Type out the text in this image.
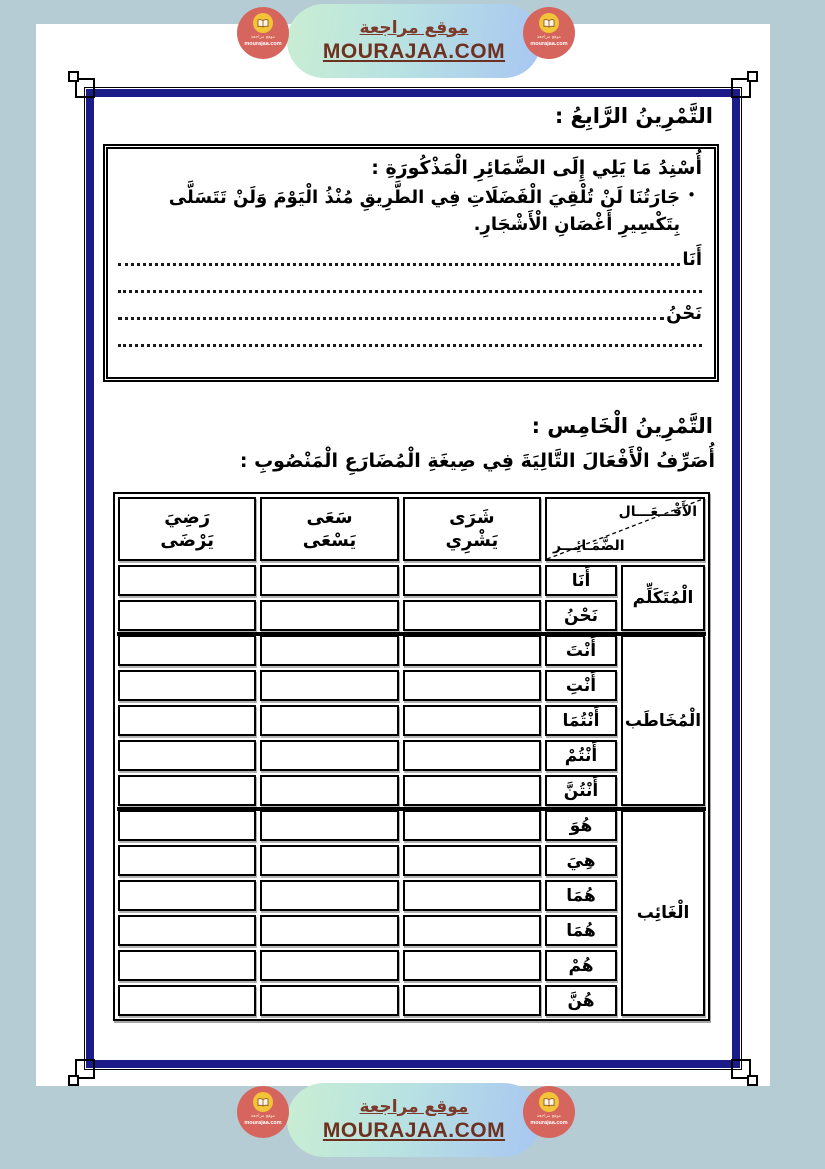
موقع مراجعة
MOURAJAA.COM
موقع مراجعة
mourajaa.com
موقع مراجعة
mourajaa.com
التَّمْرِينُ الرَّابِعُ :
أُسْنِدُ مَا يَلِي إِلَى الضَّمَائِرِ الْمَذْكُورَةِ :
•
جَارَتُنَا لَنْ تُلْقِيَ الْفَضَلَاتِ فِي الطَّرِيقِ مُنْذُ الْيَوْمَ وَلَنْ تَتَسَلَّى بِتَكْسِيرِ أَغْصَانِ الْأَشْجَارِ.
أَنَا
نَحْنُ
التَّمْرِينُ الْخَامِس :
أُصَرِّفُ الْأَفْعَالَ التَّالِيَةَ فِي صِيغَةِ الْمُضَارَعِ الْمَنْصُوبِ :
الأَفْـــعَـــال
الضَّمَـائِـــر
شَرَى
يَشْرِي
سَعَى
يَسْعَى
رَضِيَ
يَرْضَى
الْمُتَكَلِّم
أَنَا
نَحْنُ
الْمُخَاطَب
أَنْتَ
أَنْتِ
أَنْتُمَا
أَنْتُمْ
أَنْتُنَّ
الْغَائِب
هُوَ
هِيَ
هُمَا
هُمَا
هُمْ
هُنَّ
موقع مراجعة
MOURAJAA.COM
موقع مراجعة
mourajaa.com
موقع مراجعة
mourajaa.com
